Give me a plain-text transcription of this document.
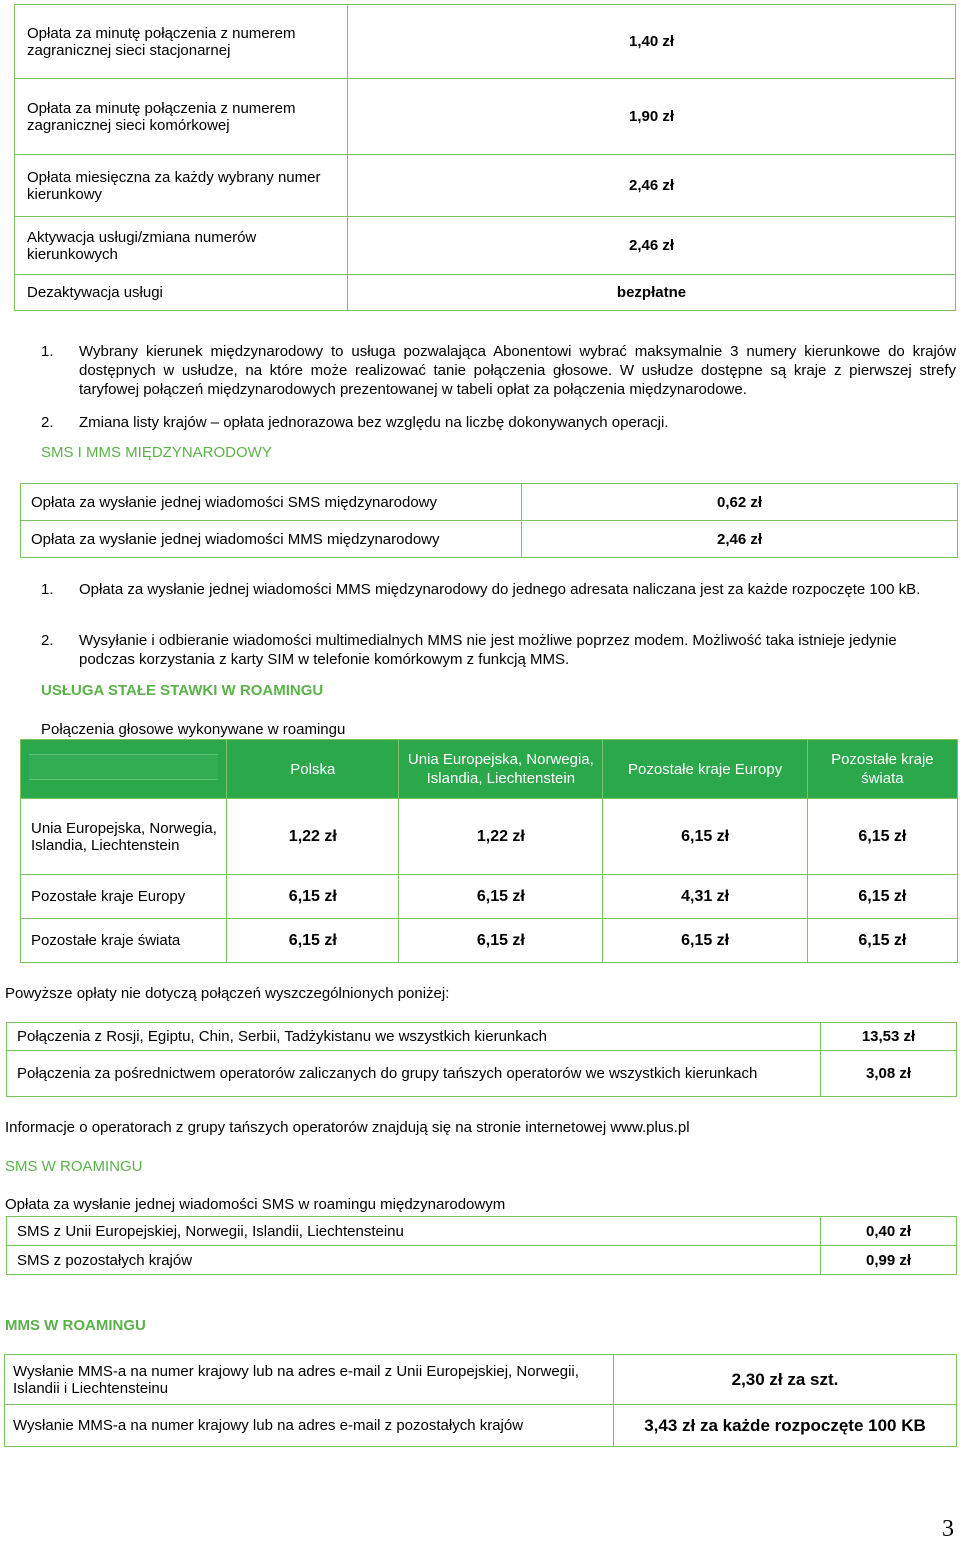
Opłata za minutę połączenia z numerem zagranicznej sieci stacjonarnej	1,40 zł
Opłata za minutę połączenia z numerem zagranicznej sieci komórkowej	1,90 zł
Opłata miesięczna za każdy wybrany numer kierunkowy	2,46 zł
Aktywacja usługi/zmiana numerów kierunkowych	2,46 zł
Dezaktywacja usługi	bezpłatne
1. Wybrany kierunek międzynarodowy to usługa pozwalająca Abonentowi wybrać maksymalnie 3 numery kierunkowe do krajów dostępnych w usłudze, na które może realizować tanie połączenia głosowe. W usłudze dostępne są kraje z pierwszej strefy taryfowej połączeń międzynarodowych prezentowanej w tabeli opłat za połączenia międzynarodowe.
2. Zmiana listy krajów – opłata jednorazowa bez względu na liczbę dokonywanych operacji.
SMS I MMS MIĘDZYNARODOWY
Opłata za wysłanie jednej wiadomości SMS międzynarodowy	0,62 zł
Opłata za wysłanie jednej wiadomości MMS międzynarodowy	2,46 zł
1. Opłata za wysłanie jednej wiadomości MMS międzynarodowy do jednego adresata naliczana jest za każde rozpoczęte 100 kB.
2. Wysyłanie i odbieranie wiadomości multimedialnych MMS nie jest możliwe poprzez modem. Możliwość taka istnieje jedynie podczas korzystania z karty SIM w telefonie komórkowym z funkcją MMS.
USŁUGA STAŁE STAWKI W ROAMINGU
Połączenia głosowe wykonywane w roamingu
	Polska	Unia Europejska, Norwegia, Islandia, Liechtenstein	Pozostałe kraje Europy	Pozostałe kraje świata
Unia Europejska, Norwegia, Islandia, Liechtenstein	1,22 zł	1,22 zł	6,15 zł	6,15 zł
Pozostałe kraje Europy	6,15 zł	6,15 zł	4,31 zł	6,15 zł
Pozostałe kraje świata	6,15 zł	6,15 zł	6,15 zł	6,15 zł
Powyższe opłaty nie dotyczą połączeń wyszczególnionych poniżej:
Połączenia z Rosji, Egiptu, Chin, Serbii, Tadżykistanu we wszystkich kierunkach	13,53 zł
Połączenia za pośrednictwem operatorów zaliczanych do grupy tańszych operatorów we wszystkich kierunkach	3,08 zł
Informacje o operatorach z grupy tańszych operatorów znajdują się na stronie internetowej www.plus.pl
SMS W ROAMINGU
Opłata za wysłanie jednej wiadomości SMS w roamingu międzynarodowym
SMS z Unii Europejskiej, Norwegii, Islandii, Liechtensteinu	0,40 zł
SMS z pozostałych krajów	0,99 zł
MMS W ROAMINGU
Wysłanie MMS-a na numer krajowy lub na adres e-mail z Unii Europejskiej, Norwegii, Islandii i Liechtensteinu	2,30 zł za szt.
Wysłanie MMS-a na numer krajowy lub na adres e-mail z pozostałych krajów	3,43 zł za każde rozpoczęte 100 KB
3
